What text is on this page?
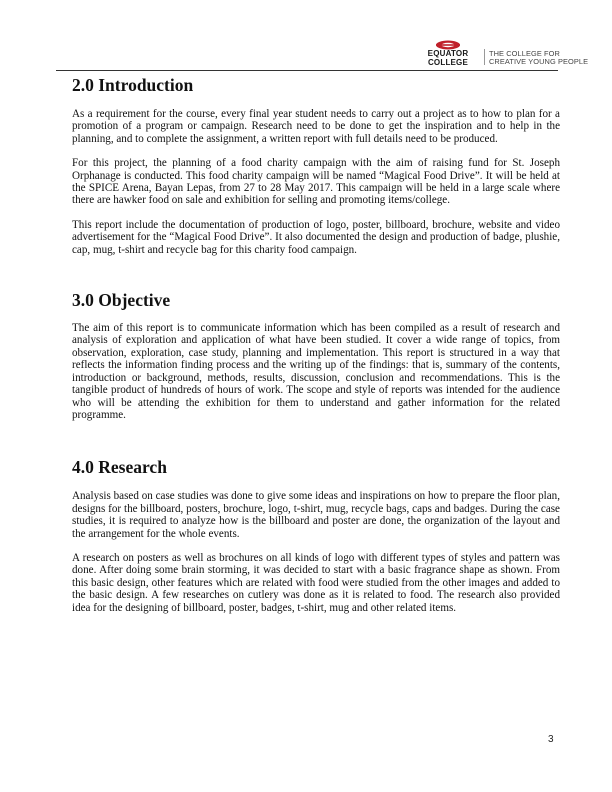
EQUATOR
COLLEGE
THE COLLEGE FOR
CREATIVE YOUNG PEOPLE
2.0 Introduction

As a requirement for the course, every final year student needs to carry out a project as to how to plan for a promotion of a program or campaign. Research need to be done to get the inspiration and to help in the planning, and to complete the assignment, a written report with full details need to be produced.

For this project, the planning of a food charity campaign with the aim of raising fund for St. Joseph Orphanage is conducted. This food charity campaign will be named “Magical Food Drive”. It will be held at the SPICE Arena, Bayan Lepas, from 27 to 28 May 2017. This campaign will be held in a large scale where there are hawker food on sale and exhibition for selling and promoting items/college.

This report include the documentation of production of logo, poster, billboard, brochure, website and video advertisement for the “Magical Food Drive”. It also documented the design and production of badge, plushie, cap, mug, t-shirt and recycle bag for this charity food campaign.

3.0 Objective

The aim of this report is to communicate information which has been compiled as a result of research and analysis of exploration and application of what have been studied. It cover a wide range of topics, from observation, exploration, case study, planning and implementation. This report is structured in a way that reflects the information finding process and the writing up of the findings: that is, summary of the contents, introduction or background, methods, results, discussion, conclusion and recommendations. This is the tangible product of hundreds of hours of work. The scope and style of reports was intended for the audience who will be attending the exhibition for them to understand and gather information for the related programme.

4.0 Research

Analysis based on case studies was done to give some ideas and inspirations on how to prepare the floor plan, designs for the billboard, posters, brochure, logo, t-shirt, mug, recycle bags, caps and badges. During the case studies, it is required to analyze how is the billboard and poster are done, the organization of the layout and the arrangement for the whole events.

A research on posters as well as brochures on all kinds of logo with different types of styles and pattern was done. After doing some brain storming, it was decided to start with a basic fragrance shape as shown. From this basic design, other features which are related with food were studied from the other images and added to the basic design. A few researches on cutlery was done as it is related to food. The research also provided idea for the designing of billboard, poster, badges, t-shirt, mug and other related items.

3
